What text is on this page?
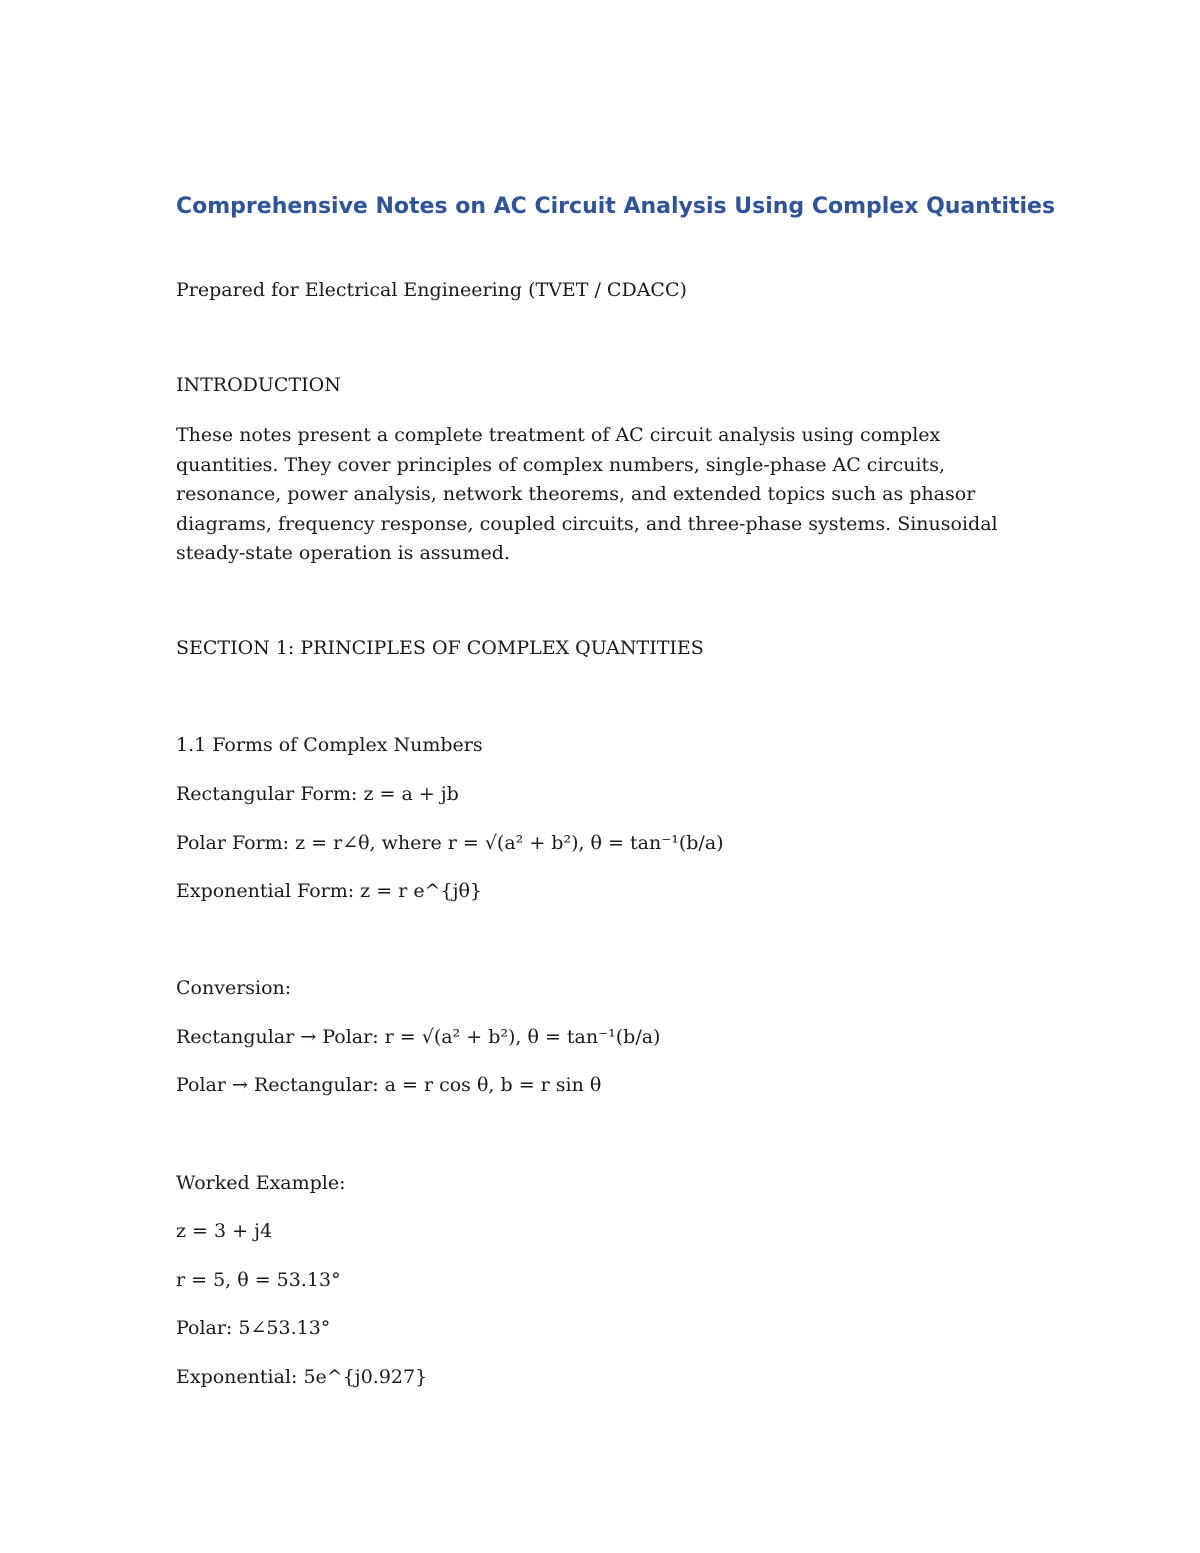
Comprehensive Notes on AC Circuit Analysis Using Complex Quantities

Prepared for Electrical Engineering (TVET / CDACC)

INTRODUCTION

These notes present a complete treatment of AC circuit analysis using complex quantities. They cover principles of complex numbers, single-phase AC circuits, resonance, power analysis, network theorems, and extended topics such as phasor diagrams, frequency response, coupled circuits, and three-phase systems. Sinusoidal steady-state operation is assumed.

SECTION 1: PRINCIPLES OF COMPLEX QUANTITIES

1.1 Forms of Complex Numbers

Rectangular Form: z = a + jb

Polar Form: z = r∠θ, where r = √(a² + b²), θ = tan⁻¹(b/a)

Exponential Form: z = r e^{jθ}

Conversion:

Rectangular → Polar: r = √(a² + b²), θ = tan⁻¹(b/a)

Polar → Rectangular: a = r cos θ, b = r sin θ

Worked Example:

z = 3 + j4

r = 5, θ = 53.13°

Polar: 5∠53.13°

Exponential: 5e^{j0.927}
